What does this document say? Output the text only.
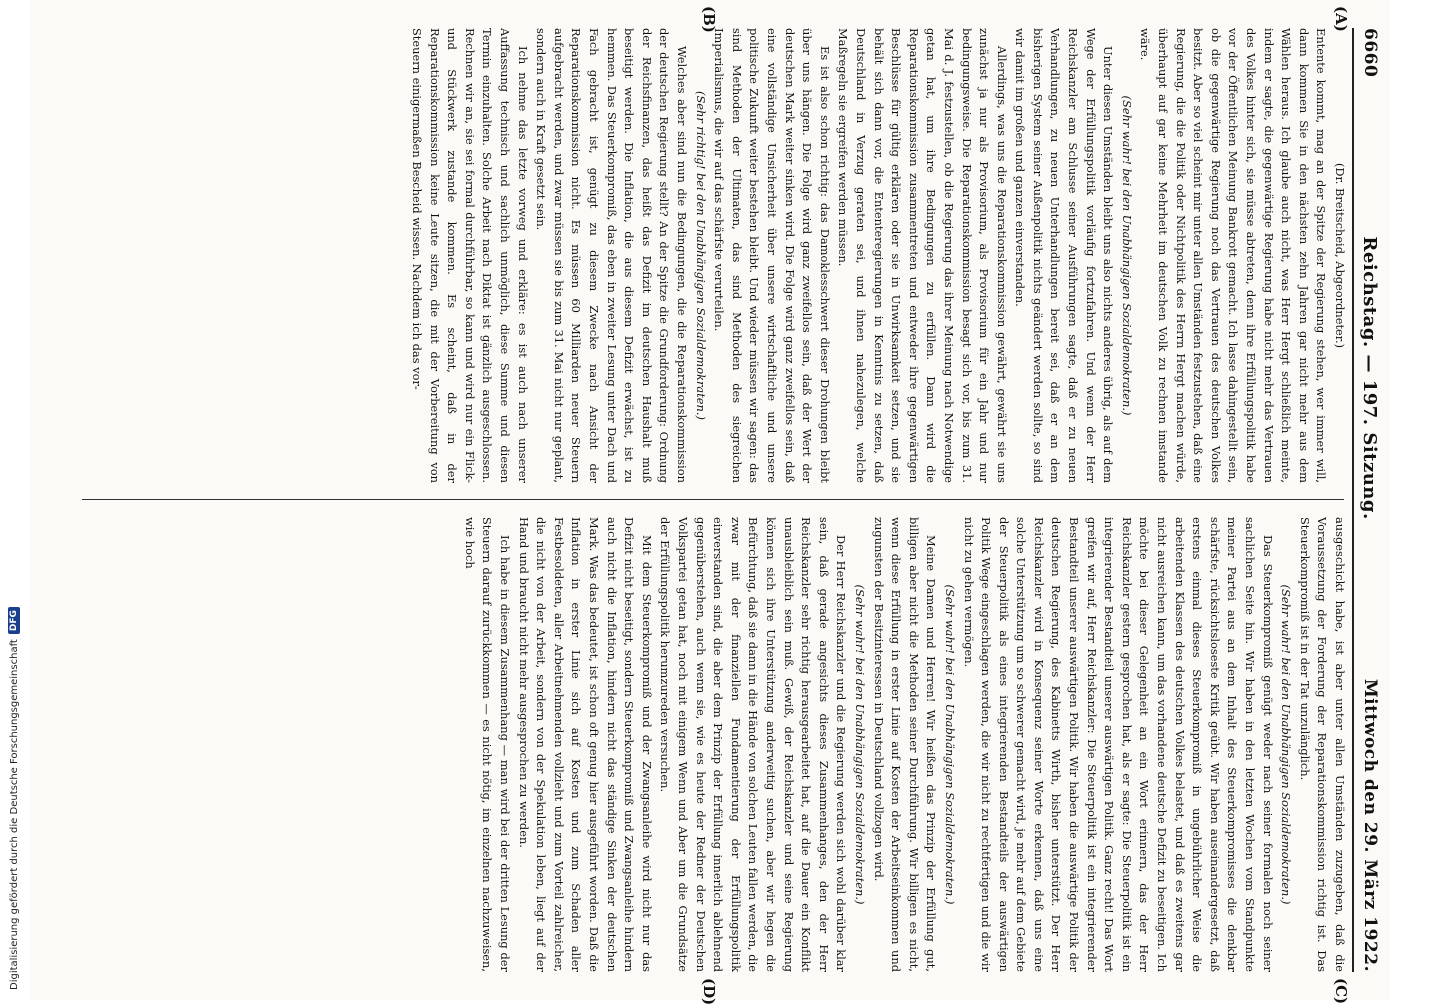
6660
Reichstag. — 197. Sitzung.
Mittwoch den 29. März 1922.
(A)
(B)
(C)
(D)

(Dr. Breitscheid, Abgeordneter.)

Entente kommt, mag an der Spitze der Regierung stehen, wer immer will, dann kommen Sie in den nächsten zehn Jahren gar nicht mehr aus dem Wählen heraus. Ich glaube auch nicht, was Herr Hergt schließlich meinte, indem er sagte, die gegenwärtige Regierung habe nicht mehr das Vertrauen des Volkes hinter sich, sie müsse abtreten, denn ihre Erfüllungspolitik habe vor der Öffentlichen Meinung Bankrott gemacht. Ich lasse dahingestellt sein, ob die gegenwärtige Regierung noch das Vertrauen des deutschen Volkes besitzt. Aber so viel scheint mir unter allen Umständen festzustehen, daß eine Regierung, die die Politik oder Nichtpolitik des Herrn Hergt machen würde, überhaupt auf gar keine Mehrheit im deutschen Volk zu rechnen imstande wäre.

(Sehr wahr! bei den Unabhängigen Sozialdemokraten.)

Unter diesen Umständen bleibt uns also nichts anderes übrig, als auf dem Wege der Erfüllungspolitik vorläufig fortzufahren. Und wenn der Herr Reichskanzler am Schlusse seiner Ausführungen sagte, daß er zu neuen Verhandlungen, zu neuen Unterhandlungen bereit sei, daß er an dem bisherigen System seiner Außenpolitik nichts geändert werden sollte, so sind wir damit im großen und ganzen einverstanden.

Allerdings, was uns die Reparationskommission gewährt, gewährt sie uns zunächst ja nur als Provisorium, als Provisorium für ein Jahr und nur bedingungsweise. Die Reparationskommission besagt sich vor, bis zum 31. Mai d. J. festzustellen, ob die Regierung das ihrer Meinung nach Notwendige getan hat, um ihre Bedingungen zu erfüllen. Dann wird die Reparationskommission zusammentreten und entweder ihre gegenwärtigen Beschlüsse für gültig erklären oder sie in Unwirksamkeit setzen, und sie behält sich dann vor, die Ententeregierungen in Kenntnis zu setzen, daß Deutschland in Verzug geraten sei, und ihnen nahezulegen, welche Maßregeln sie ergreifen werden müssen.

Es ist also schon richtig: das Damoklesschwert dieser Drohungen bleibt über uns hängen. Die Folge wird ganz zweifellos sein, daß der Wert der deutschen Mark weiter sinken wird. Die Folge wird ganz zweifellos sein, daß eine vollständige Unsicherheit über unsere wirtschaftliche und unsere politische Zukunft weiter bestehen bleibt. Und wieder müssen wir sagen: das sind Methoden der Ultimaten, das sind Methoden des siegreichen Imperialismus, die wir auf das schärfste verurteilen.

(Sehr richtig! bei den Unabhängigen Sozialdemokraten.)

Welches aber sind nun die Bedingungen, die die Reparationskommission der deutschen Regierung stellt? An der Spitze die Grundforderung: Ordnung der Reichsfinanzen, das heißt das Defizit im deutschen Haushalt muß beseitigt werden. Die Inflation, die aus diesem Defizit erwächst, ist zu hemmen. Das Steuerkompromiß, das eben in zweiter Lesung unter Dach und Fach gebracht ist, genügt zu diesem Zwecke nach Ansicht der Reparationskommission nicht. Es müssen 60 Milliarden neuer Steuern aufgebracht werden, und zwar müssen sie bis zum 31. Mai nicht nur geplant, sondern auch in Kraft gesetzt sein.

Ich nehme das letzte vorweg und erkläre: es ist auch nach unserer Auffassung technisch und sachlich unmöglich, diese Summe und diesen Termin einzuhalten. Solche Arbeit nach Diktat ist gänzlich ausgeschlossen. Rechnen wir an, sie sei formal durchführbar, so kann und wird nur ein Flick- und Stückwerk zustande kommen. Es scheint, daß in der Reparationskommission keine Leute sitzen, die mit der Vorbereitung von Steuern einigermaßen Bescheid wissen. Nachdem ich das vor-

ausgeschickt habe, ist aber unter allen Umständen zuzugeben, daß die Voraussetzung der Forderung der Reparationskommission richtig ist. Das Steuerkompromiß ist in der Tat unzulänglich.

(Sehr wahr! bei den Unabhängigen Sozialdemokraten.)

Das Steuerkompromiß genügt weder nach seiner formalen noch seiner sachlichen Seite hin. Wir haben in den letzten Wochen vom Standpunkte meiner Partei aus an dem Inhalt des Steuerkompromisses die denkbar schärfste, rücksichtsloseste Kritik geübt. Wir haben auseinandergesetzt, daß erstens einmal dieses Steuerkompromiß in ungebührlicher Weise die arbeitenden Klassen des deutschen Volkes belastet, und daß es zweitens gar nicht ausreichen kann, um das vorhandene deutsche Defizit zu beseitigen. Ich möchte bei dieser Gelegenheit an ein Wort erinnern, das der Herr Reichskanzler gestern gesprochen hat, als er sagte: Die Steuerpolitik ist ein integrierender Bestandteil unserer auswärtigen Politik. Ganz recht! Das Wort greifen wir auf, Herr Reichskanzler: Die Steuerpolitik ist ein integrierender Bestandteil unserer auswärtigen Politik. Wir haben die auswärtige Politik der deutschen Regierung, des Kabinetts Wirth, bisher unterstützt. Der Herr Reichskanzler wird in Konsequenz seiner Worte erkennen, daß uns eine solche Unterstützung um so schwerer gemacht wird, je mehr auf dem Gebiete der Steuerpolitik als eines integrierenden Bestandteils der auswärtigen Politik Wege eingeschlagen werden, die wir nicht zu rechtfertigen und die wir nicht zu gehen vermögen.

(Sehr wahr! bei den Unabhängigen Sozialdemokraten.)

Meine Damen und Herren! Wir heißen das Prinzip der Erfüllung gut, billigen aber nicht die Methoden seiner Durchführung. Wir billigen es nicht, wenn diese Erfüllung in erster Linie auf Kosten der Arbeitseinkommen und zugunsten der Besitzinteressen in Deutschland vollzogen wird.

(Sehr wahr! bei den Unabhängigen Sozialdemokraten.)

Der Herr Reichskanzler und die Regierung werden sich wohl darüber klar sein, daß gerade angesichts dieses Zusammenhanges, den der Herr Reichskanzler sehr richtig herausgearbeitet hat, auf die Dauer ein Konflikt unausbleiblich sein muß. Gewiß, der Reichskanzler und seine Regierung können sich ihre Unterstützung anderweitig suchen, aber wir hegen die Befürchtung, daß sie dann in die Hände von solchen Leuten fallen werden, die zwar mit der finanziellen Fundamentierung der Erfüllungspolitik einverstanden sind, die aber dem Prinzip der Erfüllung innerlich ablehnend gegenüberstehen, auch wenn sie, wie es heute der Redner der Deutschen Volkspartei getan hat, noch mit einigem Wenn und Aber um die Grundsätze der Erfüllungspolitik herumzureden versuchen.

Mit dem Steuerkompromiß und der Zwangsanleihe wird nicht nur das Defizit nicht beseitigt, sondern Steuerkompromiß und Zwangsanleihe hindern auch nicht die Inflation, hindern nicht das ständige Sinken der deutschen Mark. Was das bedeutet, ist schon oft genug hier ausgeführt worden. Daß die Inflation in erster Linie sich auf Kosten und zum Schaden aller Festbesoldeten, aller Arbeitnehmenden vollzieht und zum Vorteil zahlreicher, die nicht von der Arbeit, sondern von der Spekulation leben, liegt auf der Hand und braucht nicht mehr ausgesprochen zu werden.

Ich habe in diesem Zusammenhang — man wird bei der dritten Lesung der Steuern darauf zurückkommen — es nicht nötig, im einzelnen nachzuweisen, wie hoch

Digitalisierung gefördert durch die Deutsche Forschungsgemeinschaft
DFG
